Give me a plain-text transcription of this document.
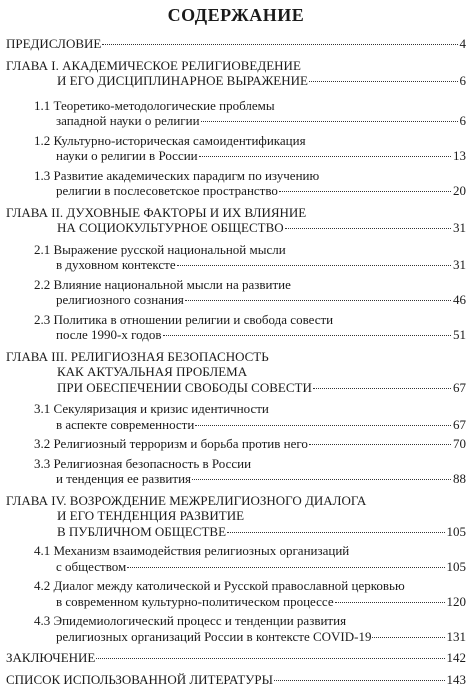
СОДЕРЖАНИЕ
ПРЕДИСЛОВИЕ	4
ГЛАВА I. АКАДЕМИЧЕСКОЕ РЕЛИГИОВЕДЕНИЕ
И ЕГО ДИСЦИПЛИНАРНОЕ ВЫРАЖЕНИЕ	6
1.1 Теоретико-методологические проблемы
западной науки о религии	6
1.2 Культурно-историческая самоидентификация
науки о религии в России	13
1.3 Развитие академических парадигм по изучению
религии в послесоветское пространство	20
ГЛАВА II. ДУХОВНЫЕ ФАКТОРЫ И ИХ ВЛИЯНИЕ
НА СОЦИОКУЛЬТУРНОЕ ОБЩЕСТВО	31
2.1 Выражение русской национальной мысли
в духовном контексте	31
2.2 Влияние национальной мысли на развитие
религиозного сознания	46
2.3 Политика в отношении религии и свобода совести
после 1990-х годов	51
ГЛАВА III. РЕЛИГИОЗНАЯ БЕЗОПАСНОСТЬ
КАК АКТУАЛЬНАЯ ПРОБЛЕМА
ПРИ ОБЕСПЕЧЕНИИ СВОБОДЫ СОВЕСТИ	67
3.1 Секуляризация и кризис идентичности
в аспекте современности	67
3.2 Религиозный терроризм и борьба против него	70
3.3 Религиозная безопасность в России
и тенденция ее развития	88
ГЛАВА IV. ВОЗРОЖДЕНИЕ МЕЖРЕЛИГИОЗНОГО ДИАЛОГА
И ЕГО ТЕНДЕНЦИЯ РАЗВИТИЕ
В ПУБЛИЧНОМ ОБЩЕСТВЕ	105
4.1 Механизм взаимодействия религиозных организаций
с обществом	105
4.2 Диалог между католической и Русской православной церковью
в современном культурно-политическом процессе	120
4.3 Эпидемиологический процесс и тенденции развития
религиозных организаций России в контексте COVID-19	131
ЗАКЛЮЧЕНИЕ	142
СПИСОК ИСПОЛЬЗОВАННОЙ ЛИТЕРАТУРЫ	143
